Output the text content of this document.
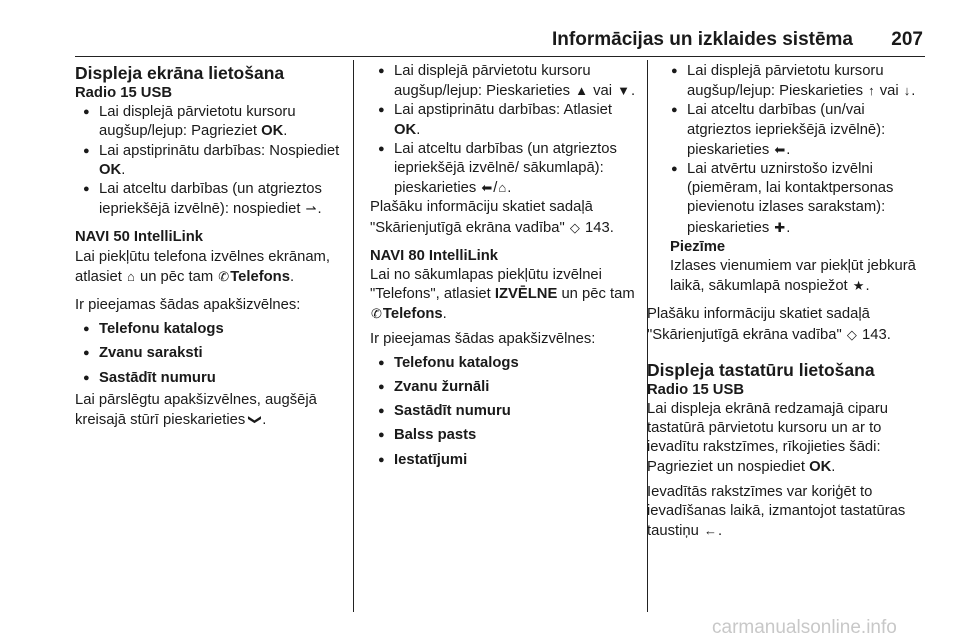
Informācijas un izklaides sistēma 207

Displeja ekrāna lietošana

Radio 15 USB

● Lai displejā pārvietotu kursoru augšup/lejup: Pagrieziet OK.

● Lai apstiprinātu darbības: Nospiediet OK.

● Lai atceltu darbības (un atgrieztos iepriekšējā izvēlnē): nospiediet ⇀.

NAVI 50 IntelliLink

Lai piekļūtu telefona izvēlnes ekrānam, atlasiet ⌂ un pēc tam ✆Telefons.

Ir pieejamas šādas apakšizvēlnes:

● Telefonu katalogs

● Zvanu saraksti

● Sastādīt numuru

Lai pārslēgtu apakšizvēlnes, augšējā kreisajā stūrī pieskarieties ❯.

● Lai displejā pārvietotu kursoru augšup/lejup: Pieskarieties ▲ vai ▼.

● Lai apstiprinātu darbības: Atlasiet OK.

● Lai atceltu darbības (un atgrieztos iepriekšējā izvēlnē/ sākumlapā): pieskarieties ⬅/⌂.

Plašāku informāciju skatiet sadaļā "Skārienjutīgā ekrāna vadība" ◇ 143.

NAVI 80 IntelliLink

Lai no sākumlapas piekļūtu izvēlnei "Telefons", atlasiet IZVĒLNE un pēc tam ✆Telefons.

Ir pieejamas šādas apakšizvēlnes:

● Telefonu katalogs

● Zvanu žurnāli

● Sastādīt numuru

● Balss pasts

● Iestatījumi

● Lai displejā pārvietotu kursoru augšup/lejup: Pieskarieties ↑ vai ↓.

● Lai atceltu darbības (un/vai atgrieztos iepriekšējā izvēlnē): pieskarieties ⬅.

● Lai atvērtu uznirstošo izvēlni (piemēram, lai kontaktpersonas pievienotu izlases sarakstam): pieskarieties ✚.

Piezīme

Izlases vienumiem var piekļūt jebkurā laikā, sākumlapā nospiežot ★.

Plašāku informāciju skatiet sadaļā "Skārienjutīgā ekrāna vadība" ◇ 143.

Displeja tastatūru lietošana

Radio 15 USB

Lai displeja ekrānā redzamajā ciparu tastatūrā pārvietotu kursoru un ar to ievadītu rakstzīmes, rīkojieties šādi: Pagrieziet un nospiediet OK.

Ievadītās rakstzīmes var koriģēt to ievadīšanas laikā, izmantojot tastatūras taustiņu ←.

carmanualsonline.info
